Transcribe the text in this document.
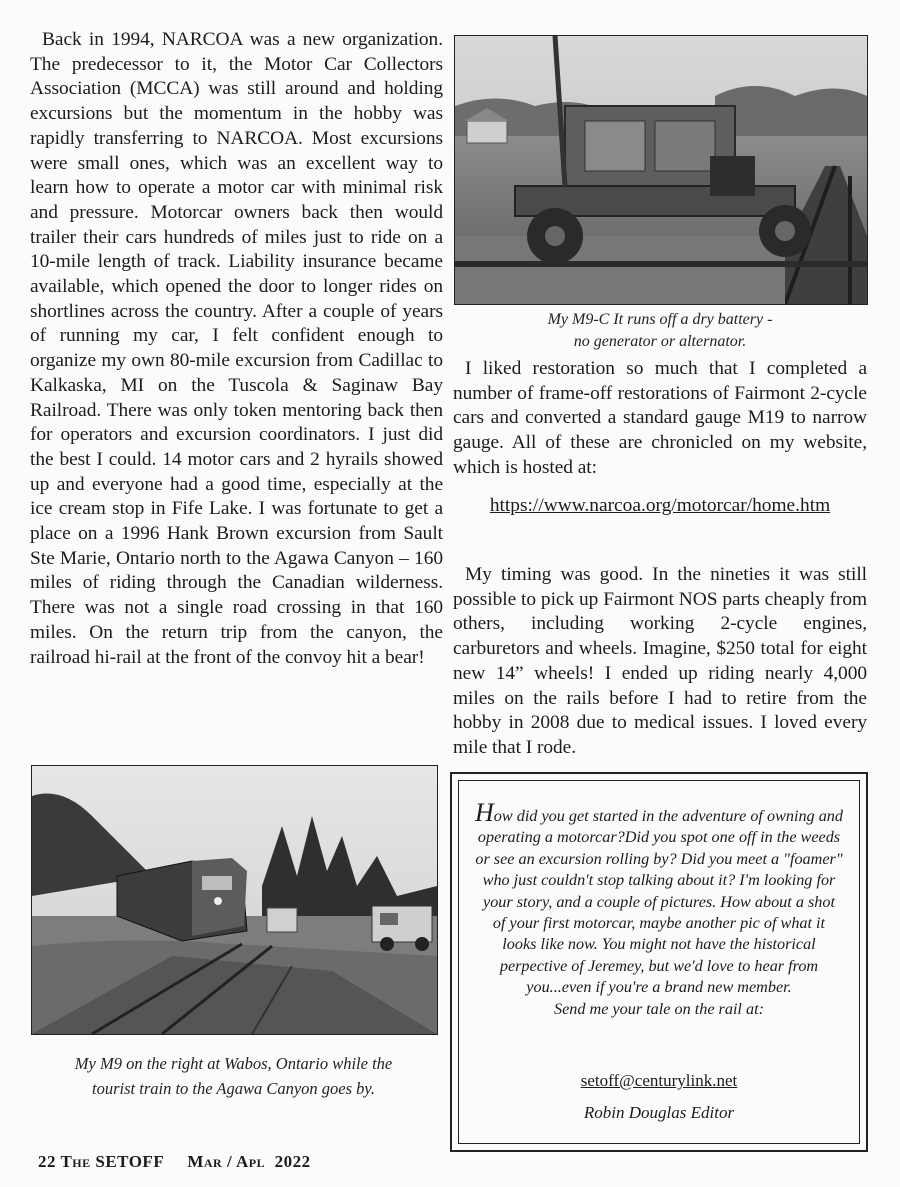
Back in 1994, NARCOA was a new organization. The predecessor to it, the Motor Car Collectors Association (MCCA) was still around and holding excursions but the momentum in the hobby was rapidly transferring to NARCOA. Most excursions were small ones, which was an excellent way to learn how to operate a motor car with minimal risk and pressure. Motorcar owners back then would trailer their cars hundreds of miles just to ride on a 10-mile length of track. Liability insurance became available, which opened the door to longer rides on shortlines across the country. After a couple of years of running my car, I felt confident enough to organize my own 80-mile excursion from Cadillac to Kalkaska, MI on the Tuscola & Saginaw Bay Railroad. There was only token mentoring back then for operators and excursion coordinators. I just did the best I could. 14 motor cars and 2 hyrails showed up and everyone had a good time, especially at the ice cream stop in Fife Lake. I was fortunate to get a place on a 1996 Hank Brown excursion from Sault Ste Marie, Ontario north to the Agawa Canyon – 160 miles of riding through the Canadian wilderness. There was not a single road crossing in that 160 miles. On the return trip from the canyon, the railroad hi-rail at the front of the convoy hit a bear!

My M9-C It runs off a dry battery -
no generator or alternator.

I liked restoration so much that I completed a number of frame-off restorations of Fairmont 2-cycle cars and converted a standard gauge M19 to narrow gauge. All of these are chronicled on my website, which is hosted at:

https://www.narcoa.org/motorcar/home.htm

My timing was good. In the nineties it was still possible to pick up Fairmont NOS parts cheaply from others, including working 2-cycle engines, carburetors and wheels. Imagine, $250 total for eight new 14” wheels! I ended up riding nearly 4,000 miles on the rails before I had to retire from the hobby in 2008 due to medical issues. I loved every mile that I rode.

My M9 on the right at Wabos, Ontario while the
tourist train to the Agawa Canyon goes by.
How did you get started in the adventure of owning and operating a motorcar?Did you spot one off in the weeds or see an excursion rolling by? Did you meet a "foamer" who just couldn't stop talking about it? I'm looking for your story, and a couple of pictures. How about a shot of your first motorcar, maybe another pic of what it looks like now. You might not have the historical perpective of Jeremey, but we'd love to hear from you...even if you're a brand new member.
Send me your tale on the rail at:
setoff@centurylink.net
Robin Douglas Editor
22 The SETOFF Mar / Apl  2022
